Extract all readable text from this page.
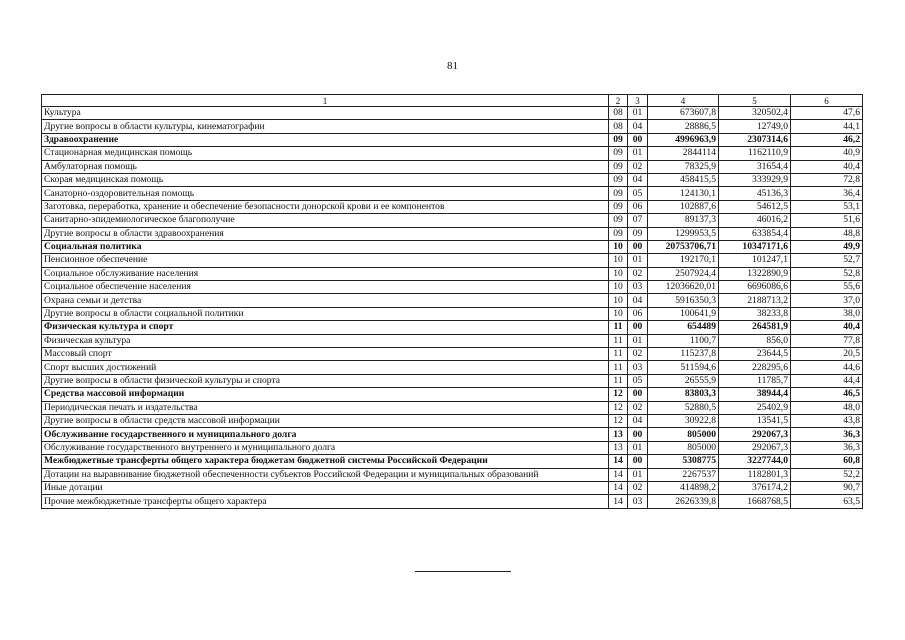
81
1	2	3	4	5	6
Культура	08	01	673607,8	320502,4	47,6
Другие вопросы в области культуры, кинематографии	08	04	28886,5	12749,0	44,1
Здравоохранение	09	00	4996963,9	2307314,6	46,2
Стационарная медицинская помощь	09	01	2844114	1162110,9	40,9
Амбулаторная помощь	09	02	78325,9	31654,4	40,4
Скорая медицинская помощь	09	04	458415,5	333929,9	72,8
Санаторно-оздоровительная помощь	09	05	124130,1	45136,3	36,4
Заготовка, переработка, хранение и обеспечение безопасности донорской крови и ее компонентов	09	06	102887,6	54612,5	53,1
Санитарно-эпидемиологическое благополучие	09	07	89137,3	46016,2	51,6
Другие вопросы в области здравоохранения	09	09	1299953,5	633854,4	48,8
Социальная политика	10	00	20753706,71	10347171,6	49,9
Пенсионное обеспечение	10	01	192170,1	101247,1	52,7
Социальное обслуживание населения	10	02	2507924,4	1322890,9	52,8
Социальное обеспечение населения	10	03	12036620,01	6696086,6	55,6
Охрана семьи и детства	10	04	5916350,3	2188713,2	37,0
Другие вопросы в области социальной политики	10	06	100641,9	38233,8	38,0
Физическая культура и спорт	11	00	654489	264581,9	40,4
Физическая культура	11	01	1100,7	856,0	77,8
Массовый спорт	11	02	115237,8	23644,5	20,5
Спорт высших достижений	11	03	511594,6	228295,6	44,6
Другие вопросы в области физической культуры и спорта	11	05	26555,9	11785,7	44,4
Средства массовой информации	12	00	83803,3	38944,4	46,5
Периодическая печать и издательства	12	02	52880,5	25402,9	48,0
Другие вопросы в области средств массовой информации	12	04	30922,8	13541,5	43,8
Обслуживание государственного и муниципального долга	13	00	805000	292067,3	36,3
Обслуживание государственного внутреннего и муниципального долга	13	01	805000	292067,3	36,3
Межбюджетные трансферты общего характера бюджетам бюджетной системы Российской Федерации	14	00	5308775	3227744,0	60,8
Дотации на выравнивание бюджетной обеспеченности субъектов Российской Федерации и муниципальных образований	14	01	2267537	1182801,3	52,2
Иные дотации	14	02	414898,2	376174,2	90,7
Прочие межбюджетные трансферты общего характера	14	03	2626339,8	1668768,5	63,5
